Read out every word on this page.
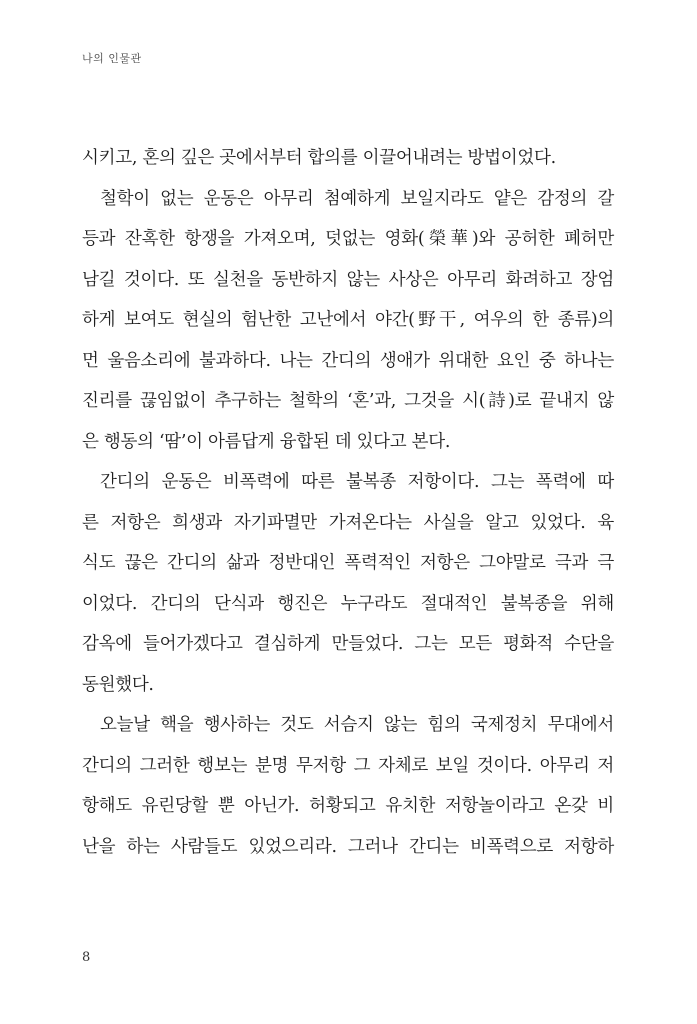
나의 인물관
시키고, 혼의 깊은 곳에서부터 합의를 이끌어내려는 방법이었다.
철학이 없는 운동은 아무리 첨예하게 보일지라도 얕은 감정의 갈
등과 잔혹한 항쟁을 가져오며, 덧없는 영화(榮華)와 공허한 폐허만
남길 것이다. 또 실천을 동반하지 않는 사상은 아무리 화려하고 장엄
하게 보여도 현실의 험난한 고난에서 야간(野干, 여우의 한 종류)의
먼 울음소리에 불과하다. 나는 간디의 생애가 위대한 요인 중 하나는
진리를 끊임없이 추구하는 철학의 ‘혼’과, 그것을 시(詩)로 끝내지 않
은 행동의 ‘땀’이 아름답게 융합된 데 있다고 본다.
간디의 운동은 비폭력에 따른 불복종 저항이다. 그는 폭력에 따
른 저항은 희생과 자기파멸만 가져온다는 사실을 알고 있었다. 육
식도 끊은 간디의 삶과 정반대인 폭력적인 저항은 그야말로 극과 극
이었다. 간디의 단식과 행진은 누구라도 절대적인 불복종을 위해
감옥에 들어가겠다고 결심하게 만들었다. 그는 모든 평화적 수단을
동원했다.
오늘날 핵을 행사하는 것도 서슴지 않는 힘의 국제정치 무대에서
간디의 그러한 행보는 분명 무저항 그 자체로 보일 것이다. 아무리 저
항해도 유린당할 뿐 아닌가. 허황되고 유치한 저항놀이라고 온갖 비
난을 하는 사람들도 있었으리라. 그러나 간디는 비폭력으로 저항하
8
